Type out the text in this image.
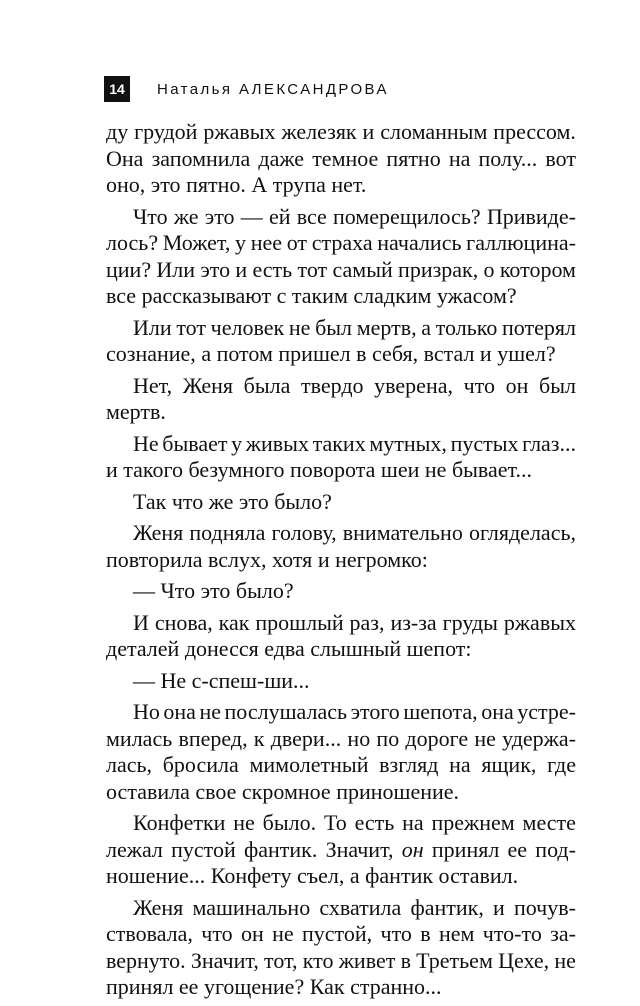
14	Наталья АЛЕКСАНДРОВА
ду грудой ржавых железяк и сломанным прессом.
Она запомнила даже темное пятно на полу... вот
оно, это пятно. А трупа нет.
Что же это — ей все померещилось? Привиде-
лось? Может, у нее от страха начались галлюцина-
ции? Или это и есть тот самый призрак, о котором
все рассказывают с таким сладким ужасом?
Или тот человек не был мертв, а только потерял
сознание, а потом пришел в себя, встал и ушел?
Нет, Женя была твердо уверена, что он был
мертв.
Не бывает у живых таких мутных, пустых глаз...
и такого безумного поворота шеи не бывает...
Так что же это было?
Женя подняла голову, внимательно огляделась,
повторила вслух, хотя и негромко:
— Что это было?
И снова, как прошлый раз, из-за груды ржавых
деталей донесся едва слышный шепот:
— Не с-спеш-ши...
Но она не послушалась этого шепота, она устре-
милась вперед, к двери... но по дороге не удержа-
лась, бросила мимолетный взгляд на ящик, где
оставила свое скромное приношение.
Конфетки не было. То есть на прежнем месте
лежал пустой фантик. Значит, он принял ее под-
ношение... Конфету съел, а фантик оставил.
Женя машинально схватила фантик, и почув-
ствовала, что он не пустой, что в нем что-то за-
вернуто. Значит, тот, кто живет в Третьем Цехе, не
принял ее угощение? Как странно...
